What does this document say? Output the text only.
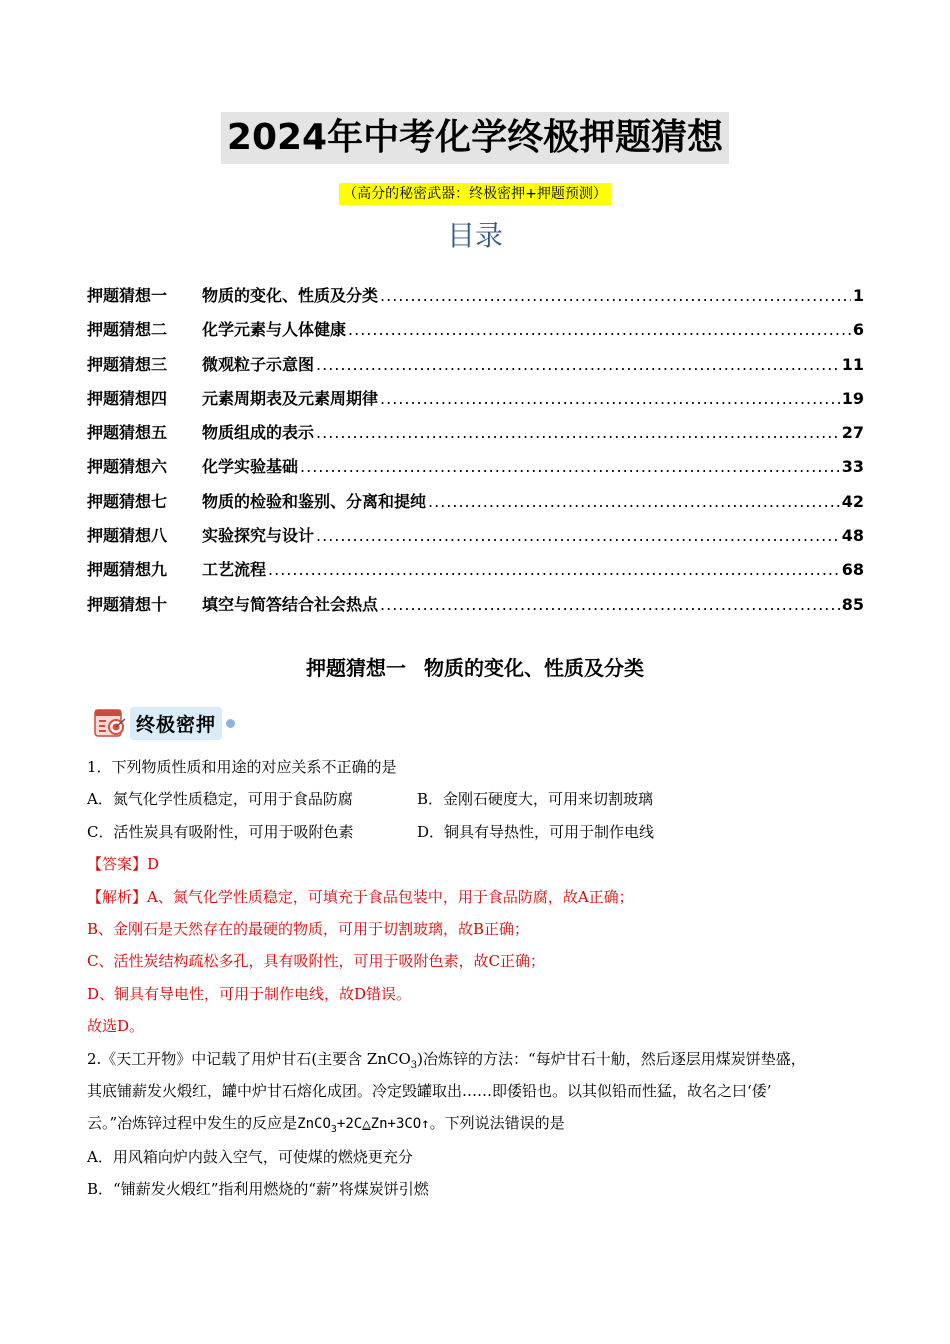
2024年中考化学终极押题猜想
（高分的秘密武器：终极密押+押题预测）
目录
押题猜想一	物质的变化、性质及分类 .....	1
押题猜想二	化学元素与人体健康 .....	6
押题猜想三	微观粒子示意图 .....	11
押题猜想四	元素周期表及元素周期律 .....	19
押题猜想五	物质组成的表示 .....	27
押题猜想六	化学实验基础 .....	33
押题猜想七	物质的检验和鉴别、分离和提纯 .....	42
押题猜想八	实验探究与设计 .....	48
押题猜想九	工艺流程 .....	68
押题猜想十	填空与简答结合社会热点 .....	85
押题猜想一 物质的变化、性质及分类
终极密押

1．下列物质性质和用途的对应关系不正确的是

A．氮气化学性质稳定，可用于食品防腐	B．金刚石硬度大，可用来切割玻璃

C．活性炭具有吸附性，可用于吸附色素	D．铜具有导热性，可用于制作电线

【答案】D

【解析】A、氮气化学性质稳定，可填充于食品包装中，用于食品防腐，故A正确；

B、金刚石是天然存在的最硬的物质，可用于切割玻璃，故B正确；

C、活性炭结构疏松多孔，具有吸附性，可用于吸附色素，故C正确；

D、铜具有导电性，可用于制作电线，故D错误。

故选D。

2.《天工开物》中记载了用炉甘石(主要含 ZnCO$_3$)冶炼锌的方法：“每炉甘石十觔，然后逐层用煤炭饼垫盛，

其底铺薪发火煅红，罐中炉甘石熔化成团。冷定毁罐取出……即倭铅也。以其似铅而性猛，故名之曰‘倭’

云。”冶炼锌过程中发生的反应是ZnCO$_3$+2C△Zn+3CO↑。下列说法错误的是

A．用风箱向炉内鼓入空气，可使煤的燃烧更充分

B．“铺薪发火煅红”指利用燃烧的“薪”将煤炭饼引燃
